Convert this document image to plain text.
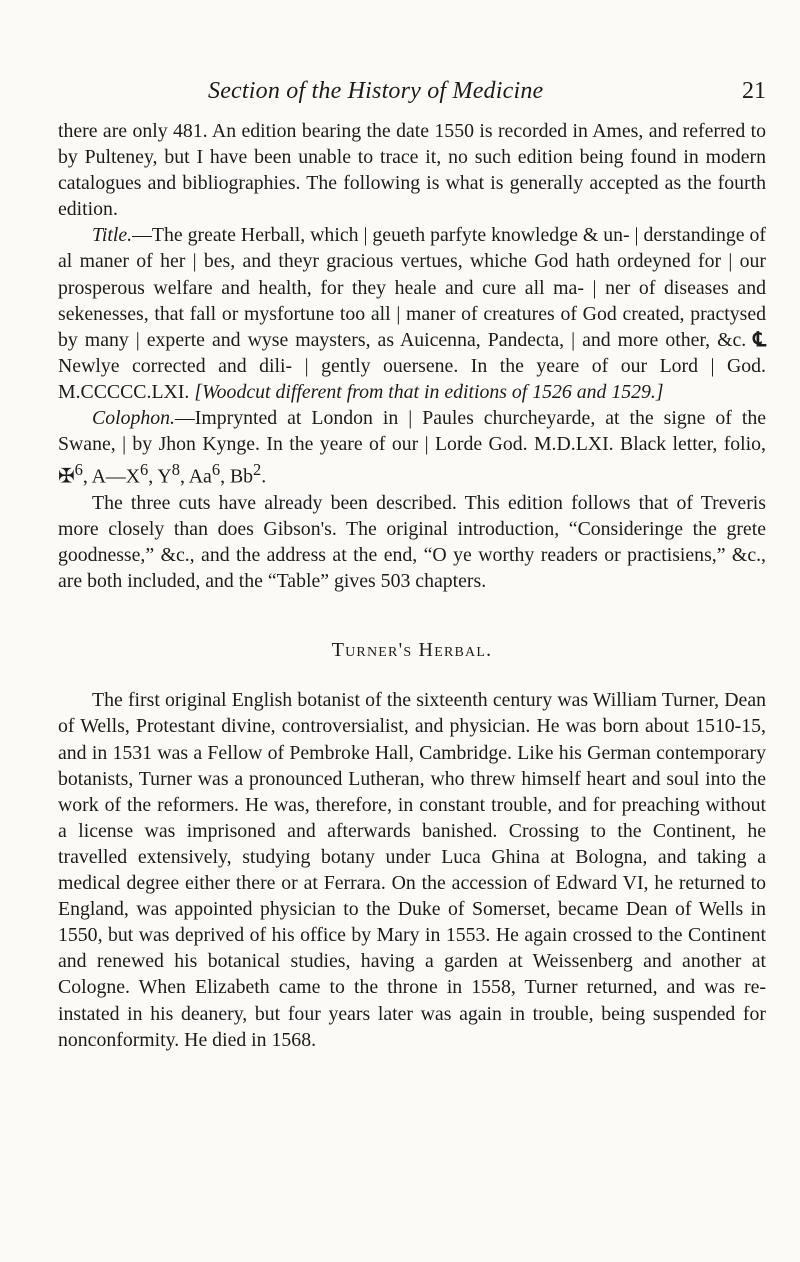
Section of the History of Medicine	21

there are only 481. An edition bearing the date 1550 is recorded in Ames, and referred to by Pulteney, but I have been unable to trace it, no such edition being found in modern catalogues and bibliographies. The following is what is generally accepted as the fourth edition.

Title.—The greate Herball, which | geueth parfyte knowledge & un- | derstandinge of al maner of her | bes, and theyr gracious vertues, whiche God hath ordeyned for | our prosperous welfare and health, for they heale and cure all ma- | ner of diseases and sekenesses, that fall or mysfortune too all | maner of creatures of God created, practysed by many | experte and wyse maysters, as Auicenna, Pandecta, | and more other, &c. ℄ Newlye corrected and dili- | gently ouersene. In the yeare of our Lord | God. M.CCCCC.LXI. [Woodcut different from that in editions of 1526 and 1529.]

Colophon.—Imprynted at London in | Paules churcheyarde, at the signe of the Swane, | by Jhon Kynge. In the yeare of our | Lorde God. M.D.LXI. Black letter, folio, ✠$^6$, $A—X^6$, $Y^8$, Aa$^6$, Bb$^2$.

The three cuts have already been described. This edition follows that of Treveris more closely than does Gibson's. The original introduction, “Consideringe the grete goodnesse,” &c., and the address at the end, “O ye worthy readers or practisiens,” &c., are both included, and the “Table” gives 503 chapters.

Turner's Herbal.

The first original English botanist of the sixteenth century was William Turner, Dean of Wells, Protestant divine, controversialist, and physician. He was born about 1510-15, and in 1531 was a Fellow of Pembroke Hall, Cambridge. Like his German contemporary botanists, Turner was a pronounced Lutheran, who threw himself heart and soul into the work of the reformers. He was, therefore, in constant trouble, and for preaching without a license was imprisoned and afterwards banished. Crossing to the Continent, he travelled extensively, studying botany under Luca Ghina at Bologna, and taking a medical degree either there or at Ferrara. On the accession of Edward VI, he returned to England, was appointed physician to the Duke of Somerset, became Dean of Wells in 1550, but was deprived of his office by Mary in 1553. He again crossed to the Continent and renewed his botanical studies, having a garden at Weissenberg and another at Cologne. When Elizabeth came to the throne in 1558, Turner returned, and was re-instated in his deanery, but four years later was again in trouble, being suspended for nonconformity. He died in 1568.
